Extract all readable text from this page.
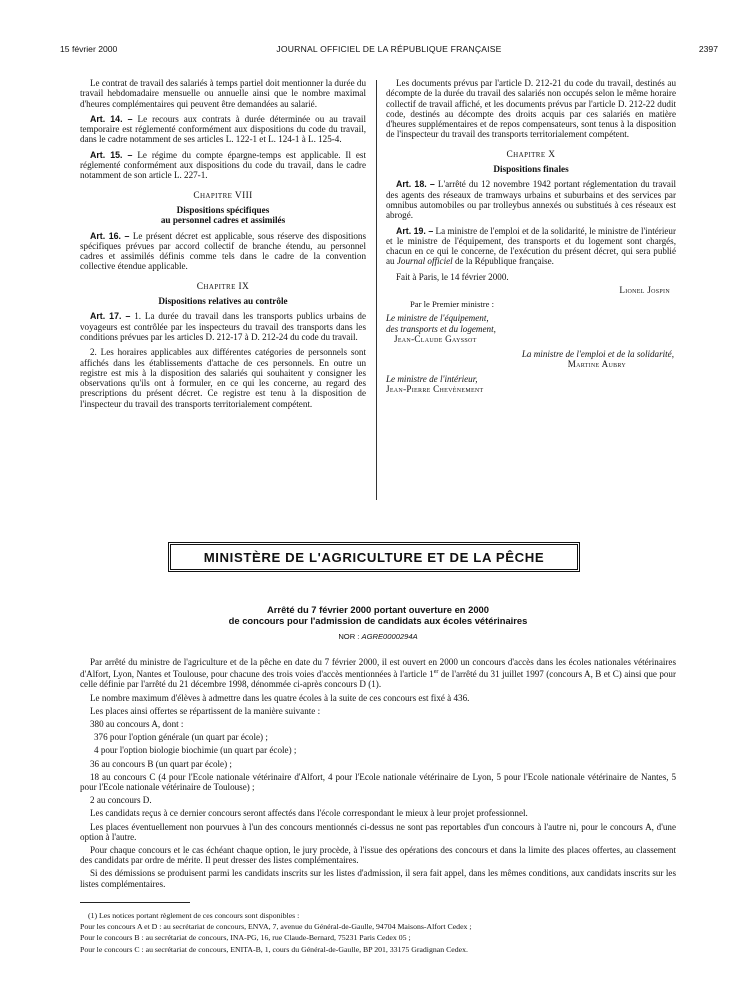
15 février 2000	JOURNAL OFFICIEL DE LA RÉPUBLIQUE FRANÇAISE	2397

Le contrat de travail des salariés à temps partiel doit mentionner la durée du travail hebdomadaire mensuelle ou annuelle ainsi que le nombre maximal d'heures complémentaires qui peuvent être demandées au salarié.

Art. 14. – Le recours aux contrats à durée déterminée ou au travail temporaire est réglementé conformément aux dispositions du code du travail, dans le cadre notamment de ses articles L. 122-1 et L. 124-1 à L. 125-4.

Art. 15. – Le régime du compte épargne-temps est applicable. Il est réglementé conformément aux dispositions du code du travail, dans le cadre notamment de son article L. 227-1.

Chapitre VIII
Dispositions spécifiques
au personnel cadres et assimilés

Art. 16. – Le présent décret est applicable, sous réserve des dispositions spécifiques prévues par accord collectif de branche étendu, au personnel cadres et assimilés définis comme tels dans le cadre de la convention collective étendue applicable.

Chapitre IX
Dispositions relatives au contrôle

Art. 17. – 1. La durée du travail dans les transports publics urbains de voyageurs est contrôlée par les inspecteurs du travail des transports dans les conditions prévues par les articles D. 212-17 à D. 212-24 du code du travail.

2. Les horaires applicables aux différentes catégories de personnels sont affichés dans les établissements d'attache de ces personnels. En outre un registre est mis à la disposition des salariés qui souhaitent y consigner les observations qu'ils ont à formuler, en ce qui les concerne, au regard des prescriptions du présent décret. Ce registre est tenu à la disposition de l'inspecteur du travail des transports territorialement compétent.

Les documents prévus par l'article D. 212-21 du code du travail, destinés au décompte de la durée du travail des salariés non occupés selon le même horaire collectif de travail affiché, et les documents prévus par l'article D. 212-22 dudit code, destinés au décompte des droits acquis par ces salariés en matière d'heures supplémentaires et de repos compensateurs, sont tenus à la disposition de l'inspecteur du travail des transports territorialement compétent.

Chapitre X
Dispositions finales

Art. 18. – L'arrêté du 12 novembre 1942 portant réglementation du travail des agents des réseaux de tramways urbains et suburbains et des services par omnibus automobiles ou par trolleybus annexés ou substitués à ces réseaux est abrogé.

Art. 19. – La ministre de l'emploi et de la solidarité, le ministre de l'intérieur et le ministre de l'équipement, des transports et du logement sont chargés, chacun en ce qui le concerne, de l'exécution du présent décret, qui sera publié au Journal officiel de la République française.

Fait à Paris, le 14 février 2000.
Lionel Jospin
Par le Premier ministre :
Le ministre de l'équipement,
des transports et du logement,
Jean-Claude Gayssot
La ministre de l'emploi et de la solidarité,
Martine Aubry
Le ministre de l'intérieur,
Jean-Pierre Chevènement
MINISTÈRE DE L'AGRICULTURE ET DE LA PÊCHE
Arrêté du 7 février 2000 portant ouverture en 2000
de concours pour l'admission de candidats aux écoles vétérinaires
NOR : AGRE0000294A

Par arrêté du ministre de l'agriculture et de la pêche en date du 7 février 2000, il est ouvert en 2000 un concours d'accès dans les écoles nationales vétérinaires d'Alfort, Lyon, Nantes et Toulouse, pour chacune des trois voies d'accès mentionnées à l'article 1er de l'arrêté du 31 juillet 1997 (concours A, B et C) ainsi que pour celle définie par l'arrêté du 21 décembre 1998, dénommée ci-après concours D (1).

Le nombre maximum d'élèves à admettre dans les quatre écoles à la suite de ces concours est fixé à 436.

Les places ainsi offertes se répartissent de la manière suivante :

380 au concours A, dont :

376 pour l'option générale (un quart par école) ;

4 pour l'option biologie biochimie (un quart par école) ;

36 au concours B (un quart par école) ;

18 au concours C (4 pour l'Ecole nationale vétérinaire d'Alfort, 4 pour l'Ecole nationale vétérinaire de Lyon, 5 pour l'Ecole nationale vétérinaire de Nantes, 5 pour l'Ecole nationale vétérinaire de Toulouse) ;

2 au concours D.

Les candidats reçus à ce dernier concours seront affectés dans l'école correspondant le mieux à leur projet professionnel.

Les places éventuellement non pourvues à l'un des concours mentionnés ci-dessus ne sont pas reportables d'un concours à l'autre ni, pour le concours A, d'une option à l'autre.

Pour chaque concours et le cas échéant chaque option, le jury procède, à l'issue des opérations des concours et dans la limite des places offertes, au classement des candidats par ordre de mérite. Il peut dresser des listes complémentaires.

Si des démissions se produisent parmi les candidats inscrits sur les listes d'admission, il sera fait appel, dans les mêmes conditions, aux candidats inscrits sur les listes complémentaires.

(1) Les notices portant règlement de ces concours sont disponibles :

Pour les concours A et D : au secrétariat de concours, ENVA, 7, avenue du Général-de-Gaulle, 94704 Maisons-Alfort Cedex ;

Pour le concours B : au secrétariat de concours, INA-PG, 16, rue Claude-Bernard, 75231 Paris Cedex 05 ;

Pour le concours C : au secrétariat de concours, ENITA-B, 1, cours du Général-de-Gaulle, BP 201, 33175 Gradignan Cedex.
